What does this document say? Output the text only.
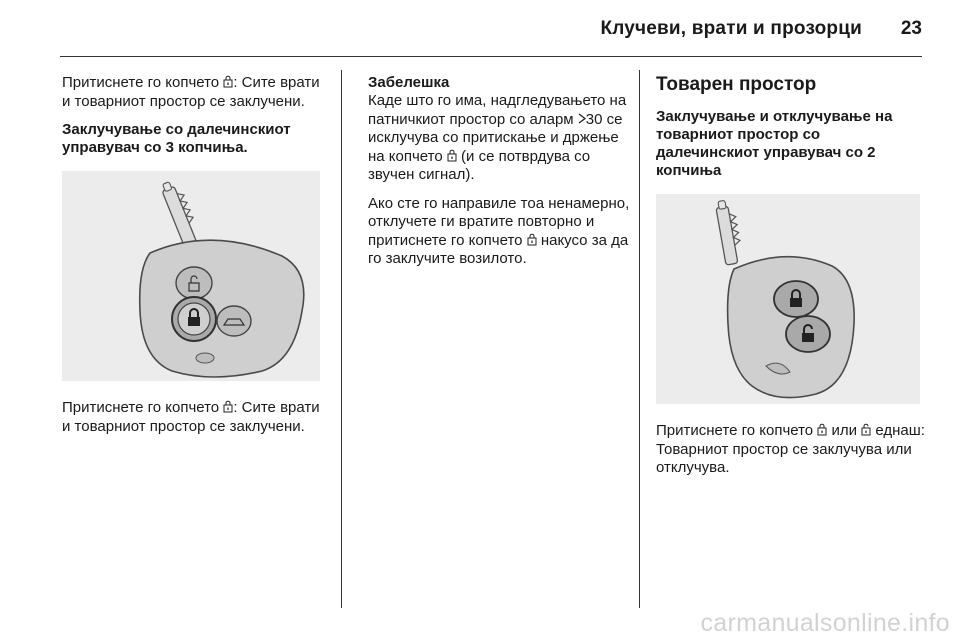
Клучеви, врати и прозорци 23

Притиснете го копчето : Сите врати и товарниот простор се заклучени.

Заклучување со далечинскиот управувач со 3 копчиња.

Притиснете го копчето : Сите врати и товарниот простор се заклучени.

Забелешка

Каде што го има, надгледувањето на патничкиот простор со аларм 30 се исклучува со притискање и држење на копчето  (и се потврдува со звучен сигнал).

Ако сте го направиле тоа ненамерно, отклучете ги вратите повторно и притиснете го копчето  накусо за да го заклучите возилото.

Товарен простор

Заклучување и отклучување на товарниот простор со далечинскиот управувач со 2 копчиња

Притиснете го копчето  или  еднаш: Товарниот простор се заклучува или отклучува.

carmanualsonline.info
